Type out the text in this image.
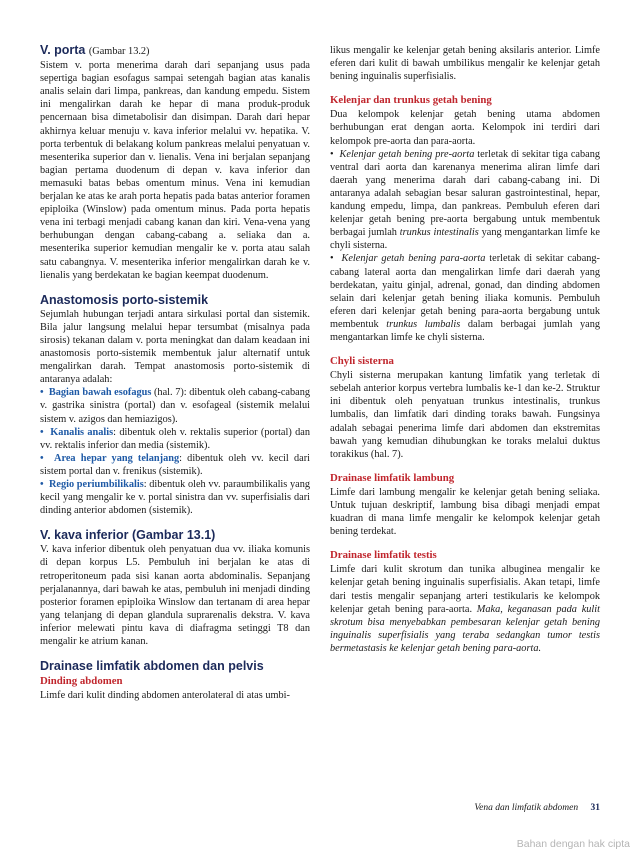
V. porta (Gambar 13.2)

Sistem v. porta menerima darah dari sepanjang usus pada sepertiga bagian esofagus sampai setengah bagian atas kanalis analis selain dari limpa, pankreas, dan kandung empedu. Sistem ini mengalirkan darah ke hepar di mana produk-produk pencernaan bisa dimetabolisir dan disimpan. Darah dari hepar akhirnya keluar menuju v. kava inferior melalui vv. hepatika. V. porta terbentuk di belakang kolum pankreas melalui penyatuan v. mesenterika superior dan v. lienalis. Vena ini berjalan sepanjang bagian pertama duodenum di depan v. kava inferior dan memasuki batas bebas omentum minus. Vena ini kemudian berjalan ke atas ke arah porta hepatis pada batas anterior foramen epiploika (Winslow) pada omentum minus. Pada porta hepatis vena ini terbagi menjadi cabang kanan dan kiri. Vena-vena yang berhubungan dengan cabang-cabang a. seliaka dan a. mesenterika superior kemudian mengalir ke v. porta atau salah satu cabangnya. V. mesenterika inferior mengalirkan darah ke v. lienalis yang berdekatan ke bagian keempat duodenum.

Anastomosis porto-sistemik

Sejumlah hubungan terjadi antara sirkulasi portal dan sistemik. Bila jalur langsung melalui hepar tersumbat (misalnya pada sirosis) tekanan dalam v. porta meningkat dan dalam keadaan ini anastomosis porto-sistemik membentuk jalur alternatif untuk mengalirkan darah. Tempat anastomosis porto-sistemik di antaranya adalah:

• Bagian bawah esofagus (hal. 7): dibentuk oleh cabang-cabang v. gastrika sinistra (portal) dan v. esofageal (sistemik melalui sistem v. azigos dan hemiazigos).

• Kanalis analis: dibentuk oleh v. rektalis superior (portal) dan vv. rektalis inferior dan media (sistemik).

• Area hepar yang telanjang: dibentuk oleh vv. kecil dari sistem portal dan v. frenikus (sistemik).

• Regio periumbilikalis: dibentuk oleh vv. paraumbilikalis yang kecil yang mengalir ke v. portal sinistra dan vv. superfisialis dari dinding anterior abdomen (sistemik).

V. kava inferior (Gambar 13.1)

V. kava inferior dibentuk oleh penyatuan dua vv. iliaka komunis di depan korpus L5. Pembuluh ini berjalan ke atas di retroperitoneum pada sisi kanan aorta abdominalis. Sepanjang perjalanannya, dari bawah ke atas, pembuluh ini menjadi dinding posterior foramen epiploika Winslow dan tertanam di area hepar yang telanjang di depan glandula suprarenalis dekstra. V. kava inferior melewati pintu kava di diafragma setinggi T8 dan mengalir ke atrium kanan.

Drainase limfatik abdomen dan pelvis
Dinding abdomen

Limfe dari kulit dinding abdomen anterolateral di atas umbi-

likus mengalir ke kelenjar getah bening aksilaris anterior. Limfe eferen dari kulit di bawah umbilikus mengalir ke kelenjar getah bening inguinalis superfisialis.

Kelenjar dan trunkus getah bening

Dua kelompok kelenjar getah bening utama abdomen berhubungan erat dengan aorta. Kelompok ini terdiri dari kelompok pre-aorta dan para-aorta.

• Kelenjar getah bening pre-aorta terletak di sekitar tiga cabang ventral dari aorta dan karenanya menerima aliran limfe dari daerah yang menerima darah dari cabang-cabang ini. Di antaranya adalah sebagian besar saluran gastrointestinal, hepar, kandung empedu, limpa, dan pankreas. Pembuluh eferen dari kelenjar getah bening pre-aorta bergabung untuk membentuk berbagai jumlah trunkus intestinalis yang mengantarkan limfe ke chyli sisterna.

• Kelenjar getah bening para-aorta terletak di sekitar cabang-cabang lateral aorta dan mengalirkan limfe dari daerah yang berdekatan, yaitu ginjal, adrenal, gonad, dan dinding abdomen selain dari kelenjar getah bening iliaka komunis. Pembuluh eferen dari kelenjar getah bening para-aorta bergabung untuk membentuk trunkus lumbalis dalam berbagai jumlah yang mengantarkan limfe ke chyli sisterna.

Chyli sisterna

Chyli sisterna merupakan kantung limfatik yang terletak di sebelah anterior korpus vertebra lumbalis ke-1 dan ke-2. Struktur ini dibentuk oleh penyatuan trunkus intestinalis, trunkus lumbalis, dan limfatik dari dinding toraks bawah. Fungsinya adalah sebagai penerima limfe dari abdomen dan ekstremitas bawah yang kemudian dihubungkan ke toraks melalui duktus torakikus (hal. 7).

Drainase limfatik lambung

Limfe dari lambung mengalir ke kelenjar getah bening seliaka. Untuk tujuan deskriptif, lambung bisa dibagi menjadi empat kuadran di mana limfe mengalir ke kelompok kelenjar getah bening terdekat.

Drainase limfatik testis

Limfe dari kulit skrotum dan tunika albuginea mengalir ke kelenjar getah bening inguinalis superfisialis. Akan tetapi, limfe dari testis mengalir sepanjang arteri testikularis ke kelompok kelenjar getah bening para-aorta. Maka, keganasan pada kulit skrotum bisa menyebabkan pembesaran kelenjar getah bening inguinalis superfisialis yang teraba sedangkan tumor testis bermetastasis ke kelenjar getah bening para-aorta.

Vena dan limfatik abdomen 31
Bahan dengan hak cipta
